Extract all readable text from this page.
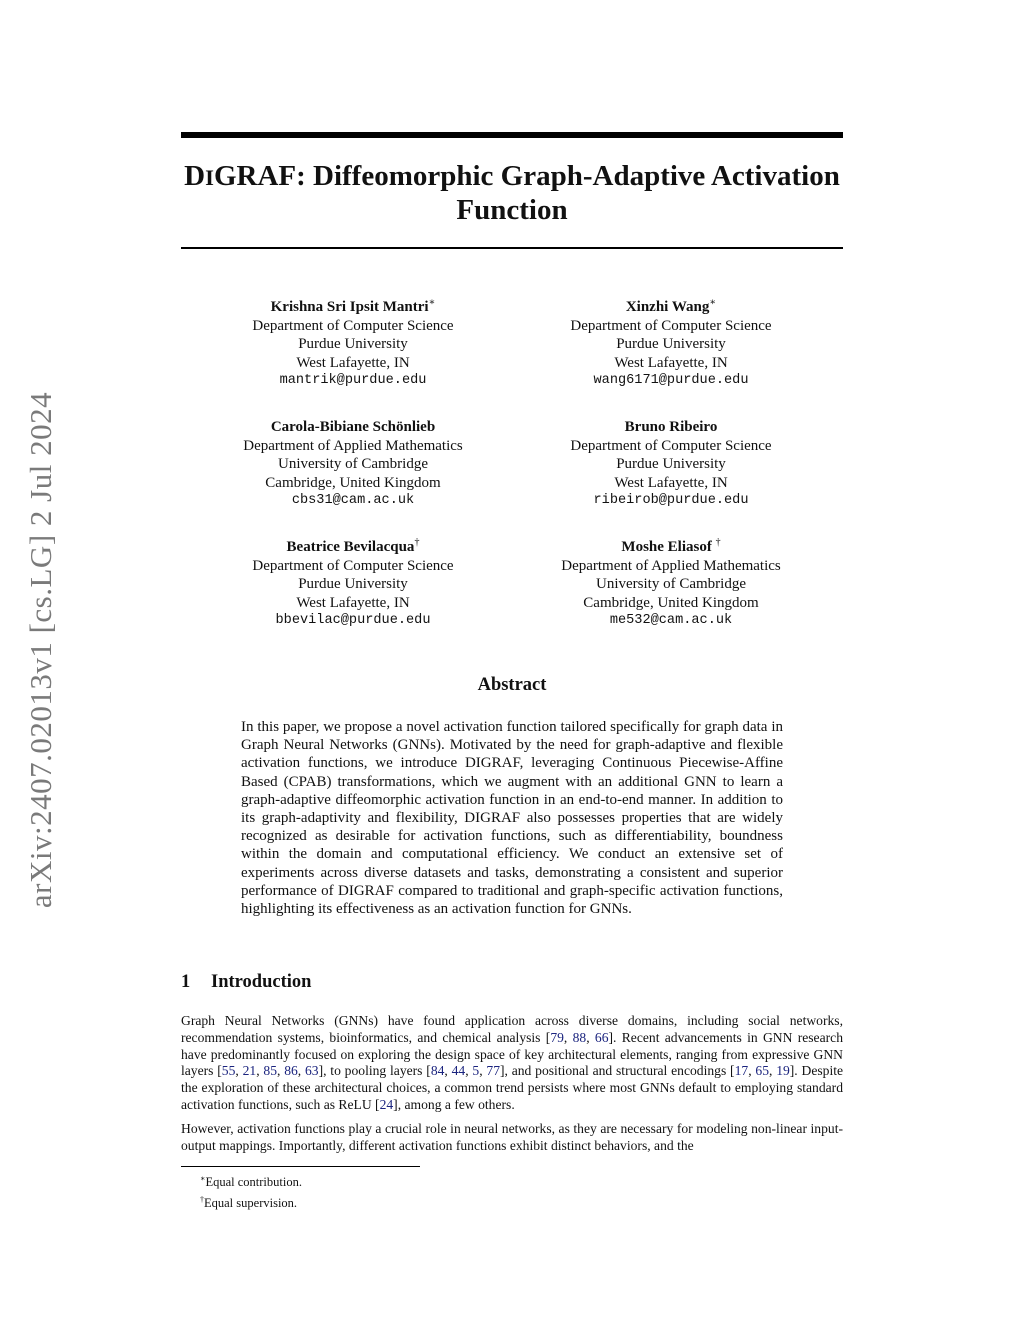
arXiv:2407.02013v1 [cs.LG] 2 Jul 2024
DIGRAF: Diffeomorphic Graph-Adaptive Activation
Function
Krishna Sri Ipsit Mantri∗
Department of Computer Science
Purdue University
West Lafayette, IN
mantrik@purdue.edu
Xinzhi Wang∗
Department of Computer Science
Purdue University
West Lafayette, IN
wang6171@purdue.edu
Carola-Bibiane Schönlieb
Department of Applied Mathematics
University of Cambridge
Cambridge, United Kingdom
cbs31@cam.ac.uk
Bruno Ribeiro
Department of Computer Science
Purdue University
West Lafayette, IN
ribeirob@purdue.edu
Beatrice Bevilacqua†
Department of Computer Science
Purdue University
West Lafayette, IN
bbevilac@purdue.edu
Moshe Eliasof †
Department of Applied Mathematics
University of Cambridge
Cambridge, United Kingdom
me532@cam.ac.uk
Abstract

In this paper, we propose a novel activation function tailored specifically for graph data in Graph Neural Networks (GNNs). Motivated by the need for graph-adaptive and flexible activation functions, we introduce DIGRAF, leveraging Continuous Piecewise-Affine Based (CPAB) transformations, which we augment with an additional GNN to learn a graph-adaptive diffeomorphic activation function in an end-to-end manner. In addition to its graph-adaptivity and flexibility, DIGRAF also possesses properties that are widely recognized as desirable for activation functions, such as differentiability, boundness within the domain and computational efficiency. We conduct an extensive set of experiments across diverse datasets and tasks, demonstrating a consistent and superior performance of DIGRAF compared to traditional and graph-specific activation functions, highlighting its effectiveness as an activation function for GNNs.

1 Introduction

Graph Neural Networks (GNNs) have found application across diverse domains, including social networks, recommendation systems, bioinformatics, and chemical analysis [79, 88, 66]. Recent advancements in GNN research have predominantly focused on exploring the design space of key architectural elements, ranging from expressive GNN layers [55, 21, 85, 86, 63], to pooling layers [84, 44, 5, 77], and positional and structural encodings [17, 65, 19]. Despite the exploration of these architectural choices, a common trend persists where most GNNs default to employing standard activation functions, such as ReLU [24], among a few others.

However, activation functions play a crucial role in neural networks, as they are necessary for modeling non-linear input-output mappings. Importantly, different activation functions exhibit distinct behaviors, and the

∗Equal contribution.
†Equal supervision.
